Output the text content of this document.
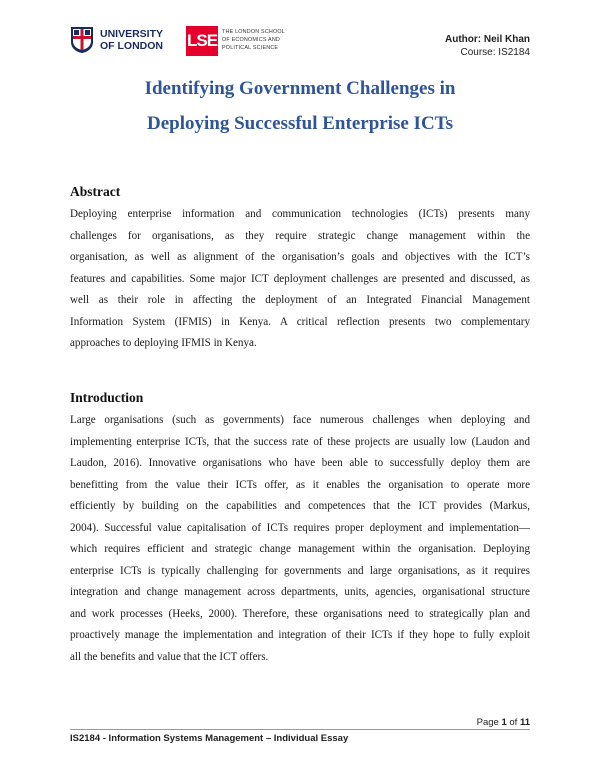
UNIVERSITY
OF LONDON LSE THE LONDON SCHOOL
OF ECONOMICS AND
POLITICAL SCIENCE
Author: Neil Khan
Course: IS2184
Identifying Government Challenges in
Deploying Successful Enterprise ICTs
Abstract
Deploying enterprise information and communication technologies (ICTs) presents many
challenges for organisations, as they require strategic change management within the
organisation, as well as alignment of the organisation’s goals and objectives with the ICT’s
features and capabilities. Some major ICT deployment challenges are presented and discussed, as
well as their role in affecting the deployment of an Integrated Financial Management
Information System (IFMIS) in Kenya. A critical reflection presents two complementary
approaches to deploying IFMIS in Kenya.
Introduction
Large organisations (such as governments) face numerous challenges when deploying and
implementing enterprise ICTs, that the success rate of these projects are usually low (Laudon and
Laudon, 2016). Innovative organisations who have been able to successfully deploy them are
benefitting from the value their ICTs offer, as it enables the organisation to operate more
efficiently by building on the capabilities and competences that the ICT provides (Markus,
2004). Successful value capitalisation of ICTs requires proper deployment and implementation—
which requires efficient and strategic change management within the organisation. Deploying
enterprise ICTs is typically challenging for governments and large organisations, as it requires
integration and change management across departments, units, agencies, organisational structure
and work processes (Heeks, 2000). Therefore, these organisations need to strategically plan and
proactively manage the implementation and integration of their ICTs if they hope to fully exploit
all the benefits and value that the ICT offers.
Page 1 of 11
IS2184 - Information Systems Management – Individual Essay
